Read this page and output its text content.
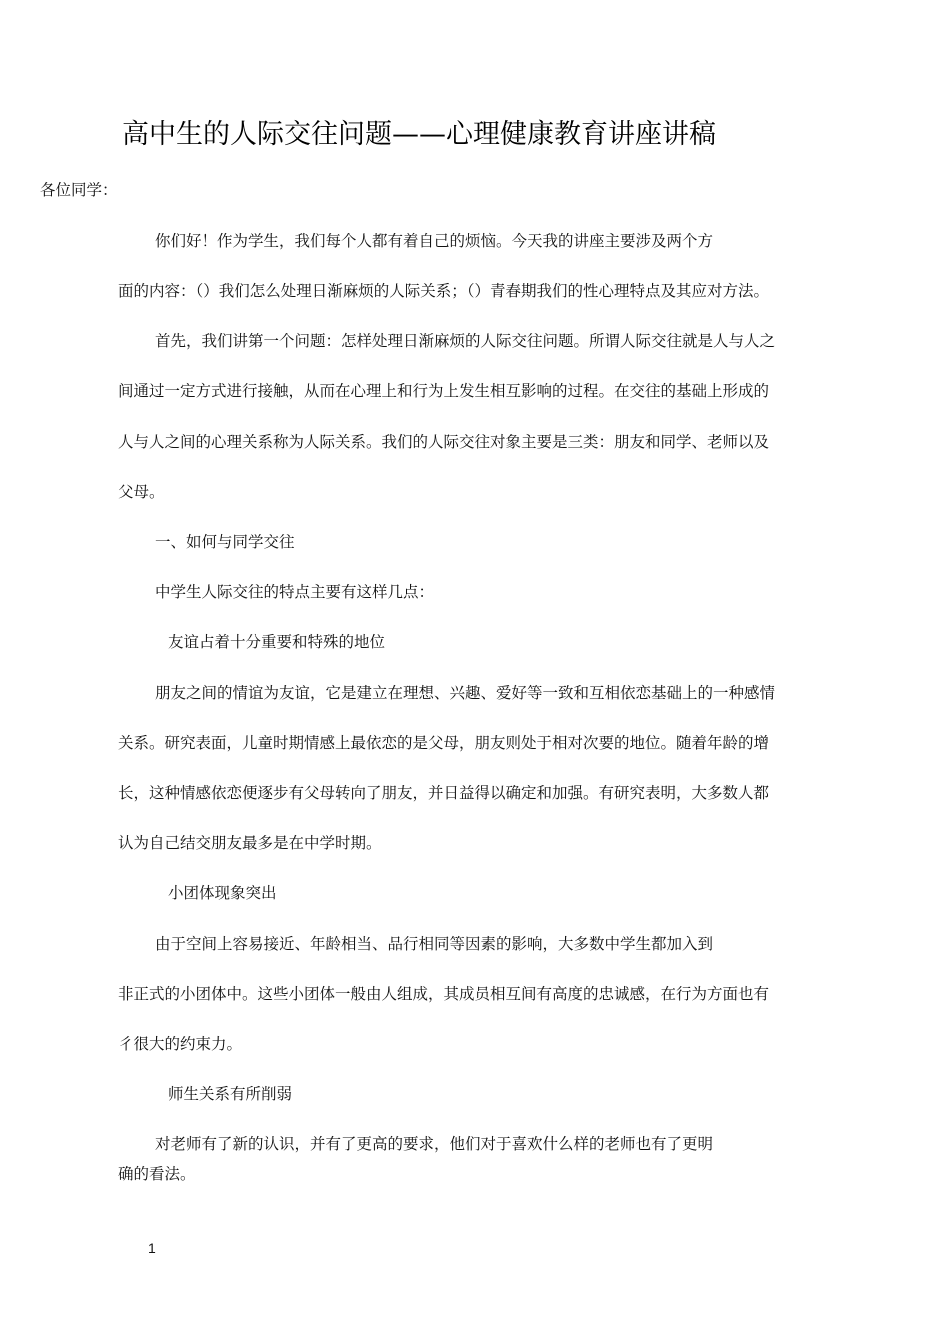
高中生的人际交往问题——心理健康教育讲座讲稿
各位同学：
你们好！作为学生，我们每个人都有着自己的烦恼。今天我的讲座主要涉及两个方
面的内容：（）我们怎么处理日渐麻烦的人际关系；（）青春期我们的性心理特点及其应对方法。
首先，我们讲第一个问题：怎样处理日渐麻烦的人际交往问题。所谓人际交往就是人与人之
间通过一定方式进行接触，从而在心理上和行为上发生相互影响的过程。在交往的基础上形成的
人与人之间的心理关系称为人际关系。我们的人际交往对象主要是三类：朋友和同学、老师以及
父母。
一、如何与同学交往
中学生人际交往的特点主要有这样几点：
友谊占着十分重要和特殊的地位
朋友之间的情谊为友谊，它是建立在理想、兴趣、爱好等一致和互相依恋基础上的一种感情
关系。研究表面，儿童时期情感上最依恋的是父母，朋友则处于相对次要的地位。随着年龄的增
长，这种情感依恋便逐步有父母转向了朋友，并日益得以确定和加强。有研究表明，大多数人都
认为自己结交朋友最多是在中学时期。
小团体现象突出
由于空间上容易接近、年龄相当、品行相同等因素的影响，大多数中学生都加入到
非正式的小团体中。这些小团体一般由人组成，其成员相互间有高度的忠诚感，在行为方面也有
彳很大的约束力。
师生关系有所削弱
对老师有了新的认识，并有了更高的要求，他们对于喜欢什么样的老师也有了更明
确的看法。
1
